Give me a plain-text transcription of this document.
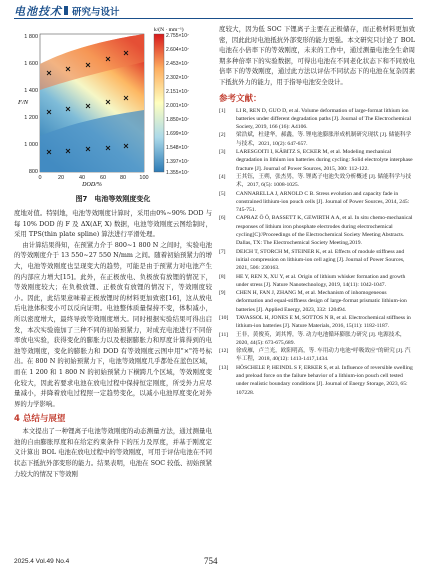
电池技术 研究与设计
1 800
1 600
1 400
1 200
1 000
800
F/N
0	20	40	60	80 100
DOD/%
k/(N · mm⁻¹)
2.755×10⁷
2.604×10⁷
2.453×10⁷
2.302×10⁷
2.151×10⁷
2.001×10⁷
1.850×10⁷
1.699×10⁷
1.548×10⁷
1.397×10⁷
1.355×10⁷
图7　电池等效刚度变化

度地对值。特别地，电池等效刚度计算时，采用由0%~90% DOD 与每 10% DOD 的 F 及 ΔX(ΔF, X) 数据，电池等效刚度云图绘制时，采用 TPS(thin plate spline) 算法进行平滑处理。

由计算结果得知，在预紧力介于 800~1 800 N 之间时，实验电池的等效刚度介于 13 550~27 550 N/mm 之间。随着初始预紧力的增大，电池等效刚度也呈现变大的趋势，可能是由于预紧力对电池产生的内部应力增大[15]。此外，在正极放电、负极放有放锂的情况下，等效刚度较大；在负极放锂、正极放有放锂的情况下，等效刚度较小。因此，此结果意味着正极放锂时的材料更加致密[16]，这从放电后电池体积变小可以反向证明。电池整体质量保持不变，体积减小，所以密度增大，最终导致等效刚度增大。同时根据实验结果可得出启发，本次实验施加了三种不同的初始预紧力，对成充电池进行不同倍率放电实验，获得变化的膨胀力以及根据膨胀力和厚度计算得到的电池等效刚度，变化的膨胀力和 DOD 有等效刚度云图中用"×"符号标出。在 800 N 的初始预紧力下，电池等效刚度几乎都处在蓝色区域，而在 1 200 和 1 800 N 的初始预紧力下横跨几个区域，等效刚度变化较大，因此若要求电池在放电过程中保持恒定刚度，所受外力应尽量减小，并降着放电过程照一定趋势变化，以减小电池厚度变化对外界的力学影响。

4 总结与展望

本文提出了一种锂离子电池等效刚度的动态测量方法，通过测量电池的自由膨胀厚度和在给定约束条件下的压力及厚度，并基于刚度定义计算出 BOL 电池在放电过程中的等效刚度，可用于评估电池在不同状态下抵抗外部变形的能力。结果表明，电池在 SOC 较低、初始预紧力较大的情况下等效刚

度较大，因为低 SOC 下锂离子主要在正极储存，而正极材料更加致密，因此此时电池抵抗外部变形的能力更强。本文研究只讨论了 BOL 电池在小倍率下的等效刚度，未来的工作中，通过测量电池全生命周期多种倍率下的实验数据，可得出电池在不同老化状态下和不同放电倍率下的等效刚度，通过此方法以评估不同状态下的电池在复杂因素下抵抗外力的能力，用于指导电池安全设计。

参考文献：
[1]	LI R, REN D, GUO D, et al. Volume deformation of large-format lithium ion batteries under different degradation paths [J]. Journal of The Electrochemical Society, 2019, 166 (16): A4106.
[2]	梁浩斌，杜建华，郝鑫，等. 锂电池膨胀形成机制研究现状 [J]. 储能科学与技术，2021, 10(2): 647-657.
[3]	LARESGOITI I, KÄBITZ S, ECKER M, et al. Modeling mechanical degradation in lithium ion batteries during cycling: Solid electrolyte interphase fracture [J]. Journal of Power Sources, 2015, 300: 112-122.
[4]	王其钰，王朔，张杰男，等. 锂离子电池失效分析概述 [J]. 储能科学与技术，2017, 6(5): 1008-1025.
[5]	CANNARELLA J, ARNOLD C B. Stress evolution and capacity fade in constrained lithium-ion pouch cells [J]. Journal of Power Sources, 2014, 245: 745-751.
[6]	CAPRAZ Ö Ö, BASSETT K, GEWIRTH A A, et al. In situ chemo-mechanical responses of lithium iron phosphate electrodes during electrochemical cycling[C]//Proceedings of the Electrochemical Society Meeting Abstracts. Dallas, TX: The Electrochemical Society Meeting,2019.
[7]	DEICH T, STORCH M, STEINER K, et al. Effects of module stiffness and initial compression on lithium-ion cell aging [J]. Journal of Power Sources, 2021, 506: 230163.
[8]	HE Y, REN X, XU Y, et al. Origin of lithium whisker formation and growth under stress [J]. Nature Nanotechnology, 2019, 14(11): 1042-1047.
[9]	CHEN H, FAN J, ZHANG M, et al. Mechanism of inhomogeneous deformation and equal-stiffness design of large-format prismatic lithium-ion batteries [J]. Applied Energy, 2023, 332: 120494.
[10]	TAVASSOL H, JONES E M, SOTTOS N R, et al. Electrochemical stiffness in lithium-ion batteries [J]. Nature Materials, 2016, 15(11): 1182-1187.
[11]	王非，黄俊英，刘其博，等. 动力电池循环膨胀力研究 [J]. 电源技术，2020, 44(5): 673-675,689.
[12]	徐成雁，卢兰光，欧阳明高，等. 车用动力电池“呼吸效应”的研究 [J]. 汽车工程，2018, 40(12): 1413-1417,1434.
[13]	HÖSCHELE P, HEINDL S F, ERKER S, et al. Influence of reversible swelling and preload force on the failure behavior of a lithium-ion pouch cell tested under realistic boundary conditions [J]. Journal of Energy Storage, 2023, 65: 107228.
2025.4 Vol.49 No.4	754
